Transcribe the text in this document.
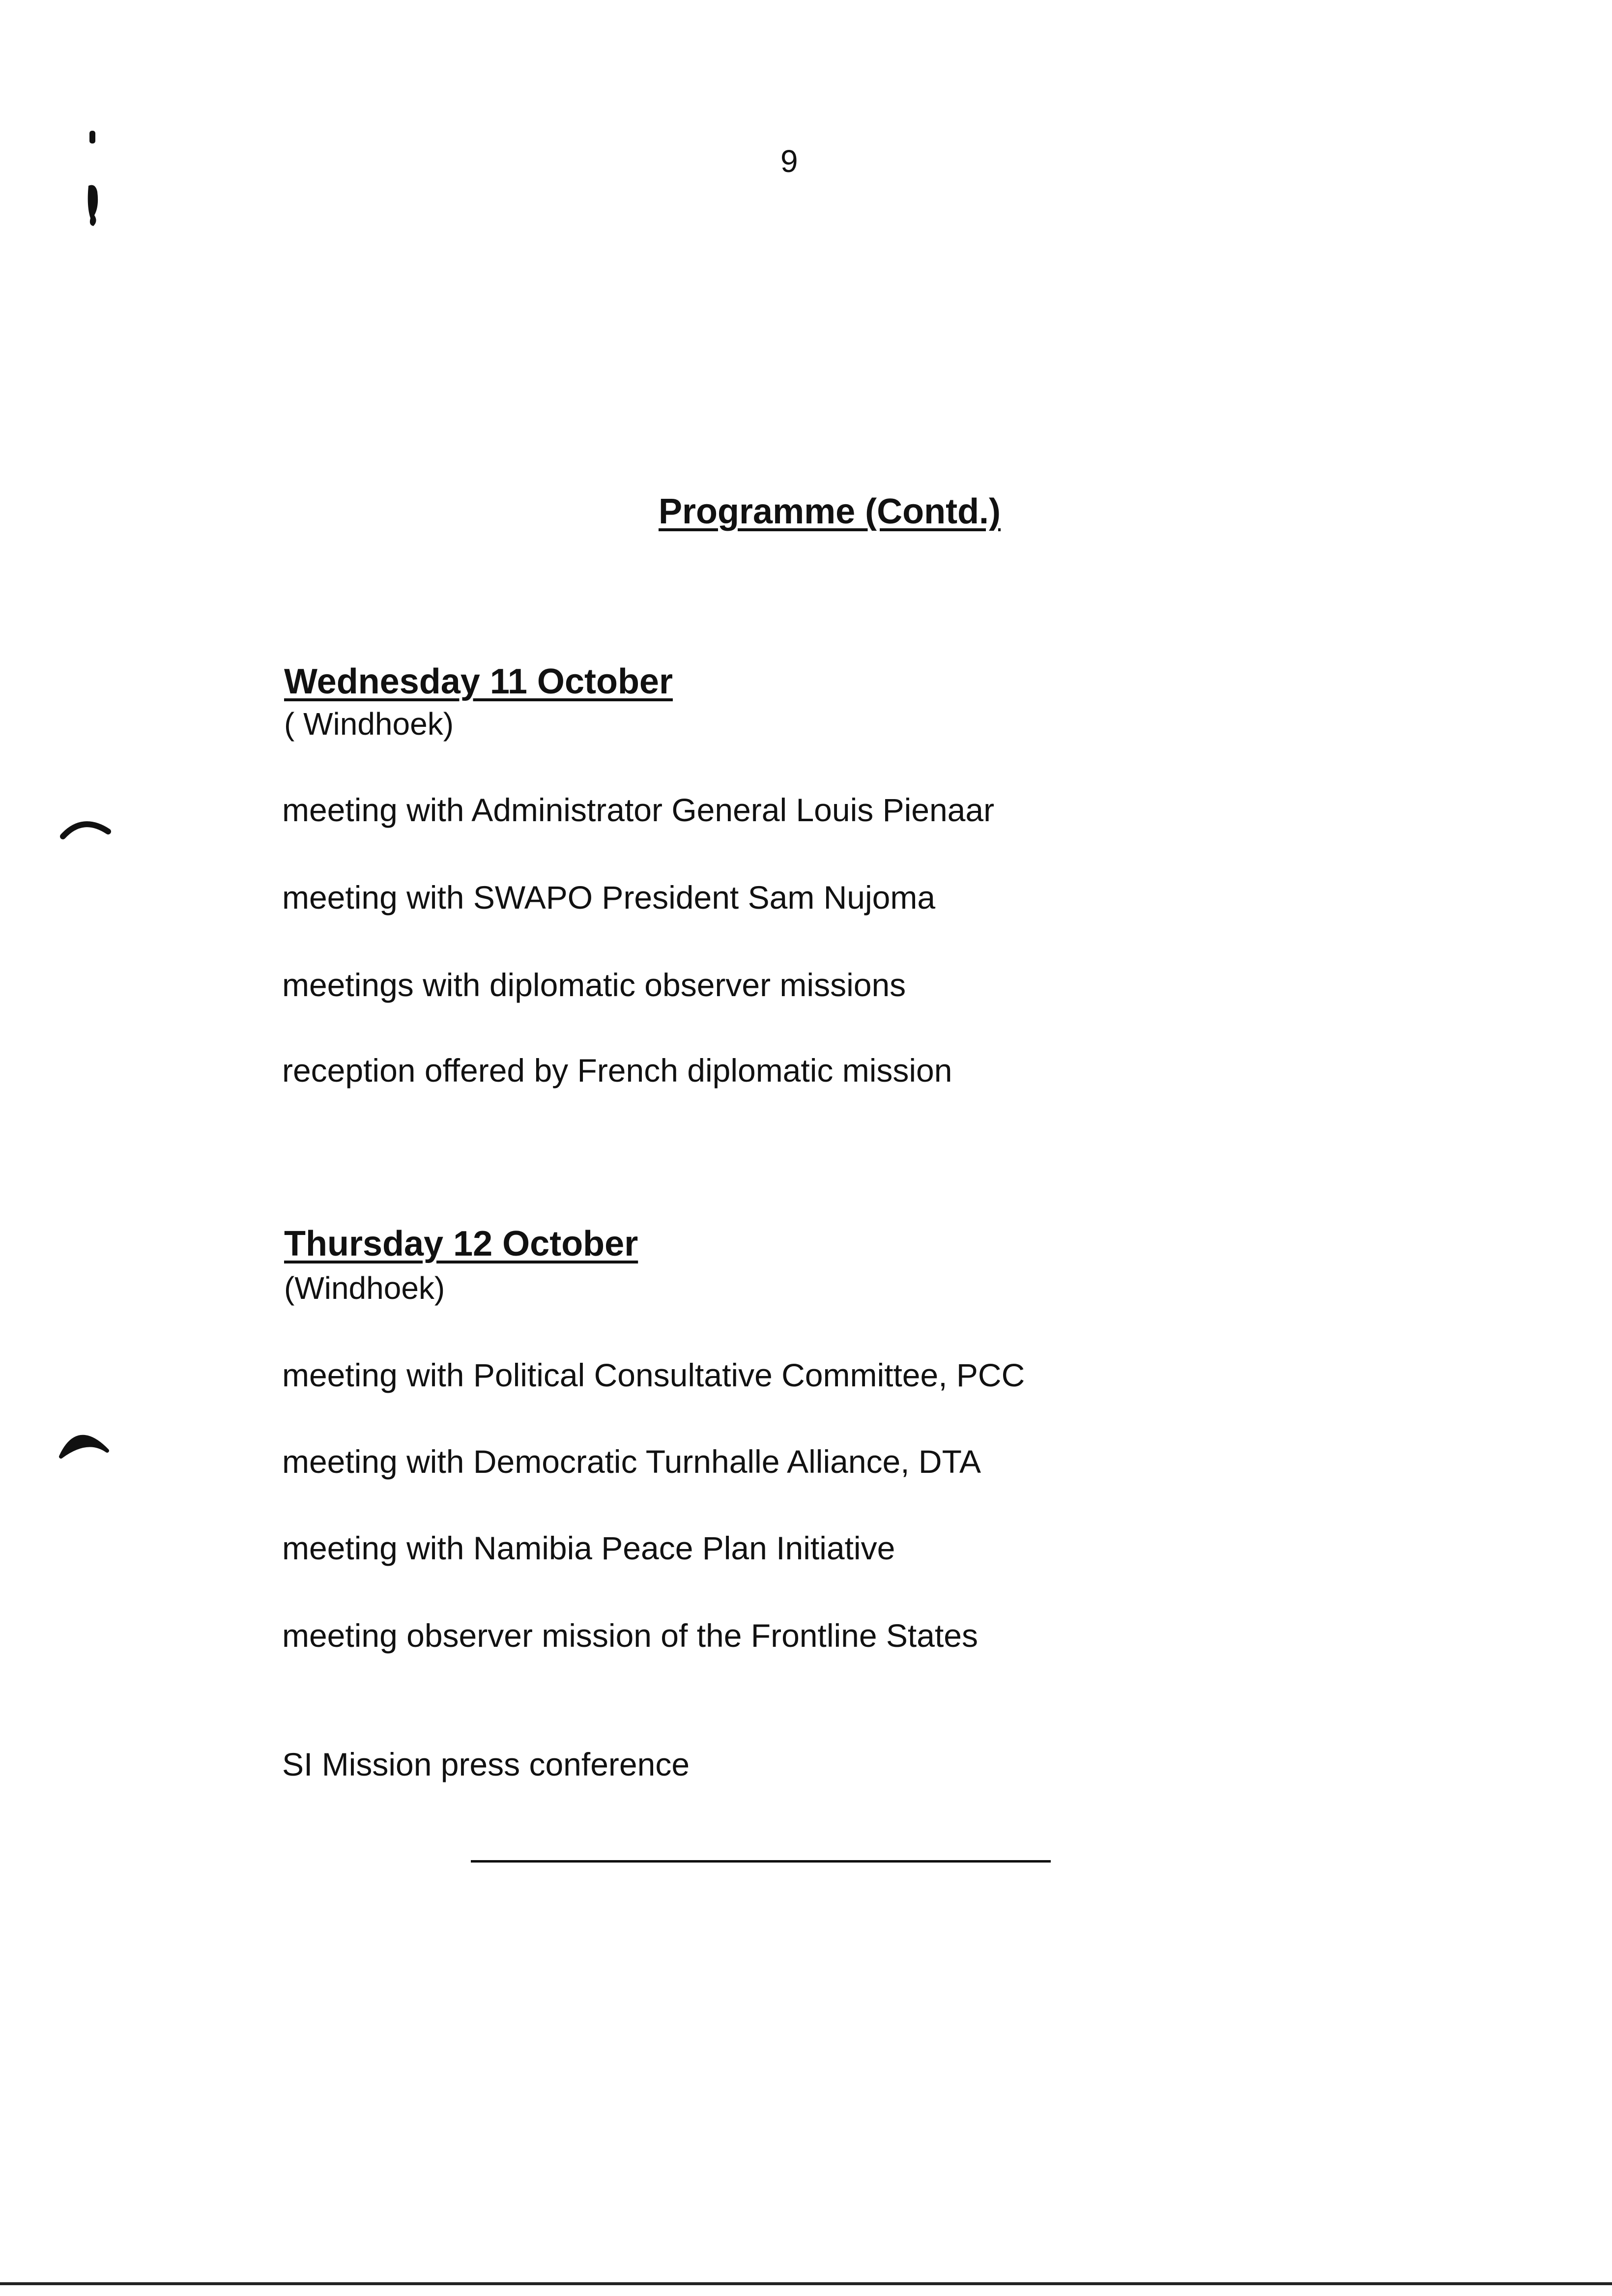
9
Programme (Contd.)
Wednesday 11 October
( Windhoek)
meeting with Administrator General Louis Pienaar
meeting with SWAPO President Sam Nujoma
meetings with diplomatic observer missions
reception offered by French diplomatic mission
Thursday 12 October
(Windhoek)
meeting with Political Consultative Committee, PCC
meeting with Democratic Turnhalle Alliance, DTA
meeting with Namibia Peace Plan Initiative
meeting observer mission of the Frontline States
SI Mission press conference
